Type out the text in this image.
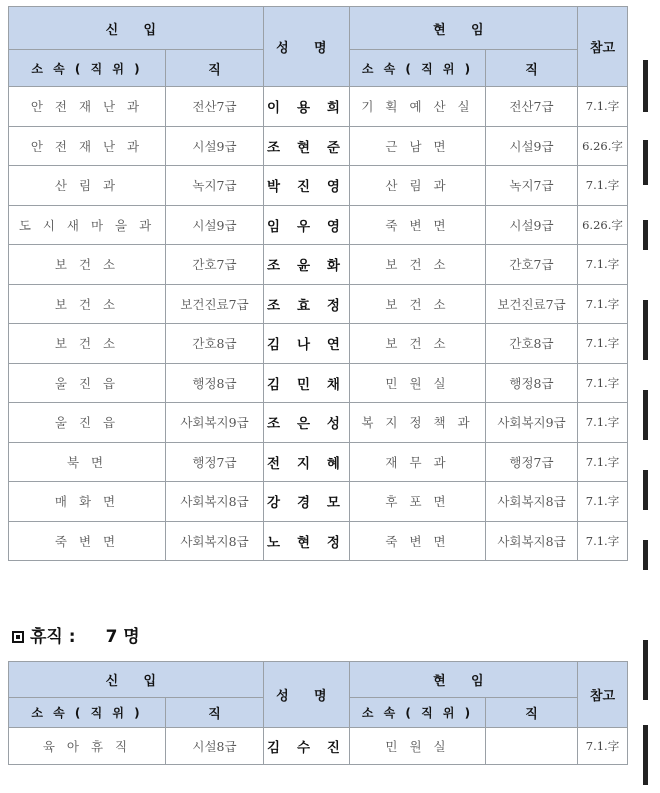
신 입		성 명	현 임		참고
소 속 ( 직 위 )	직		소 속 ( 직 위 )	직	
안 전 재 난 과	전산7급	이 용 희	기 획 예 산 실	전산7급	7.1.字
안 전 재 난 과	시설9급	조 현 준	근 남 면	시설9급	6.26.字
산 림 과	녹지7급	박 진 영	산 림 과	녹지7급	7.1.字
도 시 새 마 을 과	시설9급	임 우 영	죽 변 면	시설9급	6.26.字
보 건 소	간호7급	조 윤 화	보 건 소	간호7급	7.1.字
보 건 소	보건진료7급	조 효 정	보 건 소	보건진료7급	7.1.字
보 건 소	간호8급	김 나 연	보 건 소	간호8급	7.1.字
울 진 읍	행정8급	김 민 채	민 원 실	행정8급	7.1.字
울 진 읍	사회복지9급	조 은 성	복 지 정 책 과	사회복지9급	7.1.字
북 면	행정7급	전 지 혜	재 무 과	행정7급	7.1.字
매 화 면	사회복지8급	강 경 모	후 포 면	사회복지8급	7.1.字
죽 변 면	사회복지8급	노 현 정	죽 변 면	사회복지8급	7.1.字
휴직 : 7 명
신 입		성 명	현 임		참고
소 속 ( 직 위 )	직		소 속 ( 직 위 )	직	
육 아 휴 직	시설8급	김 수 진	민 원 실		7.1.字
